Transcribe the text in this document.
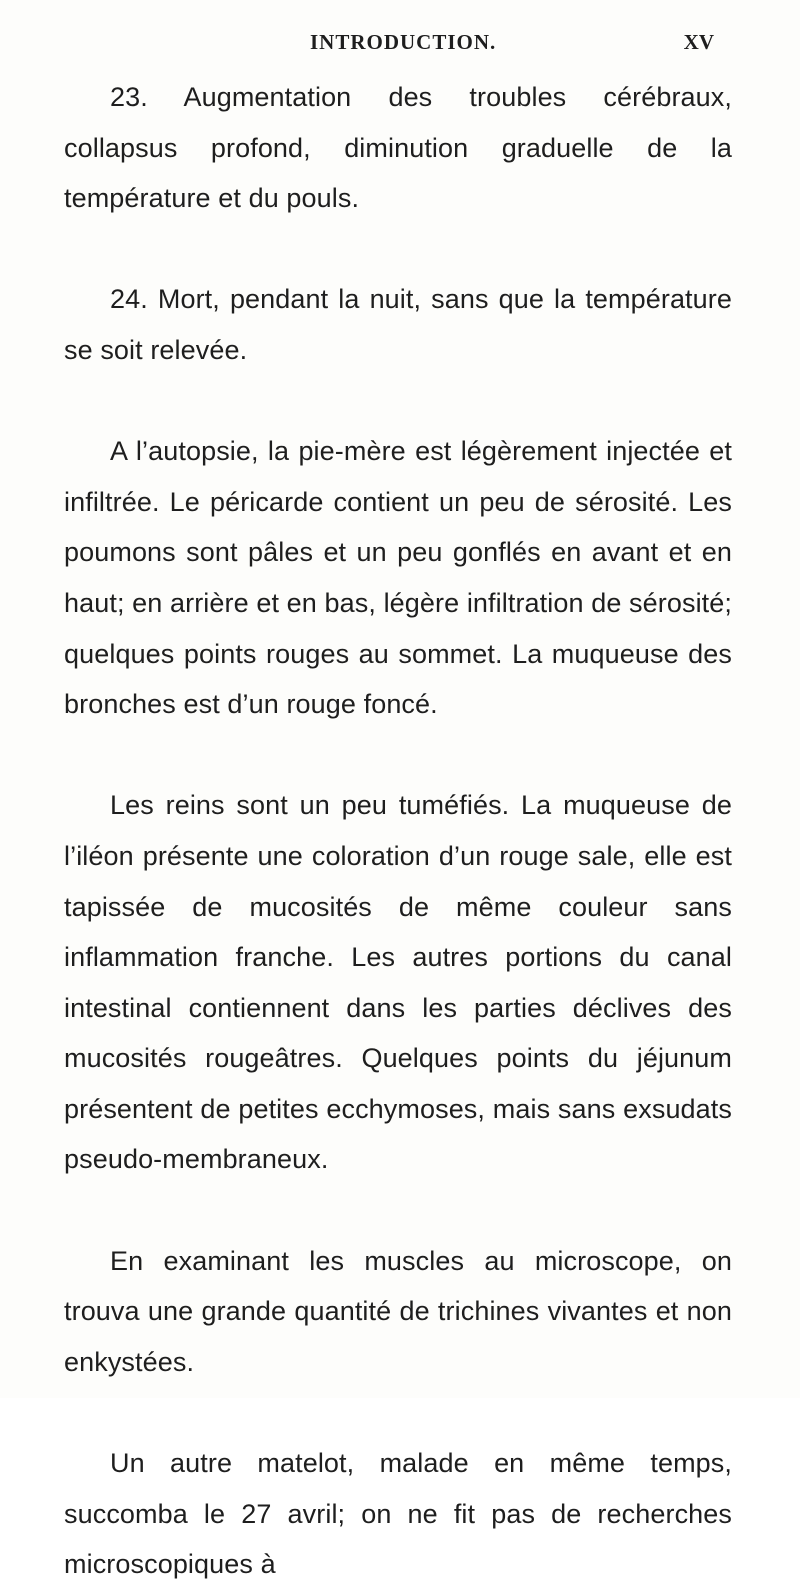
INTRODUCTION.	XV

23. Augmentation des troubles cérébraux, collapsus profond, diminution graduelle de la température et du pouls.

24. Mort, pendant la nuit, sans que la température se soit relevée.

A l’autopsie, la pie-mère est légèrement injectée et infiltrée. Le péricarde contient un peu de sérosité. Les poumons sont pâles et un peu gonflés en avant et en haut; en arrière et en bas, légère infiltration de sérosité; quelques points rouges au sommet. La muqueuse des bronches est d’un rouge foncé.

Les reins sont un peu tuméfiés. La muqueuse de l’iléon présente une coloration d’un rouge sale, elle est tapissée de mucosités de même couleur sans inflammation franche. Les autres portions du canal intestinal contiennent dans les parties déclives des mucosités rougeâtres. Quelques points du jéjunum présentent de petites ecchymoses, mais sans exsudats pseudo-membraneux.

En examinant les muscles au microscope, on trouva une grande quantité de trichines vivantes et non enkystées.

Un autre matelot, malade en même temps, succomba le 27 avril; on ne fit pas de recherches microscopiques à
